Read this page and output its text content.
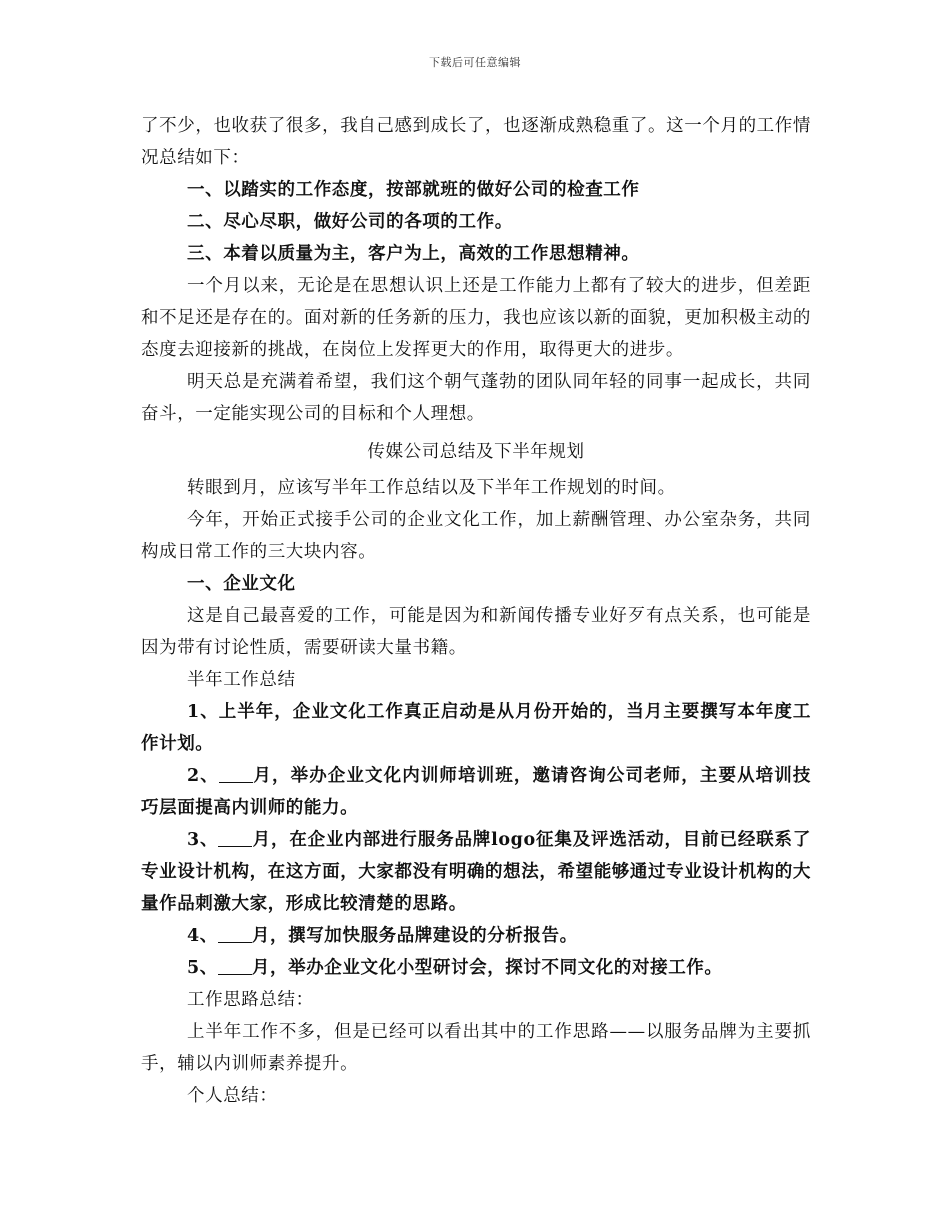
下载后可任意编辑

了不少，也收获了很多，我自己感到成长了，也逐渐成熟稳重了。这一个月的工作情况总结如下：

一、以踏实的工作态度，按部就班的做好公司的检查工作

二、尽心尽职，做好公司的各项的工作。

三、本着以质量为主，客户为上，高效的工作思想精神。

一个月以来，无论是在思想认识上还是工作能力上都有了较大的进步，但差距和不足还是存在的。面对新的任务新的压力，我也应该以新的面貌，更加积极主动的态度去迎接新的挑战，在岗位上发挥更大的作用，取得更大的进步。

明天总是充满着希望，我们这个朝气蓬勃的团队同年轻的同事一起成长，共同奋斗，一定能实现公司的目标和个人理想。

传媒公司总结及下半年规划

转眼到月，应该写半年工作总结以及下半年工作规划的时间。

今年，开始正式接手公司的企业文化工作，加上薪酬管理、办公室杂务，共同构成日常工作的三大块内容。

一、企业文化

这是自己最喜爱的工作，可能是因为和新闻传播专业好歹有点关系，也可能是因为带有讨论性质，需要研读大量书籍。

半年工作总结

1、上半年，企业文化工作真正启动是从月份开始的，当月主要撰写本年度工作计划。

2、 月，举办企业文化内训师培训班，邀请咨询公司老师，主要从培训技巧层面提高内训师的能力。

3、 月，在企业内部进行服务品牌logo征集及评选活动，目前已经联系了专业设计机构，在这方面，大家都没有明确的想法，希望能够通过专业设计机构的大量作品刺激大家，形成比较清楚的思路。

4、 月，撰写加快服务品牌建设的分析报告。

5、 月，举办企业文化小型研讨会，探讨不同文化的对接工作。

工作思路总结：

上半年工作不多，但是已经可以看出其中的工作思路——以服务品牌为主要抓手，辅以内训师素养提升。

个人总结：
